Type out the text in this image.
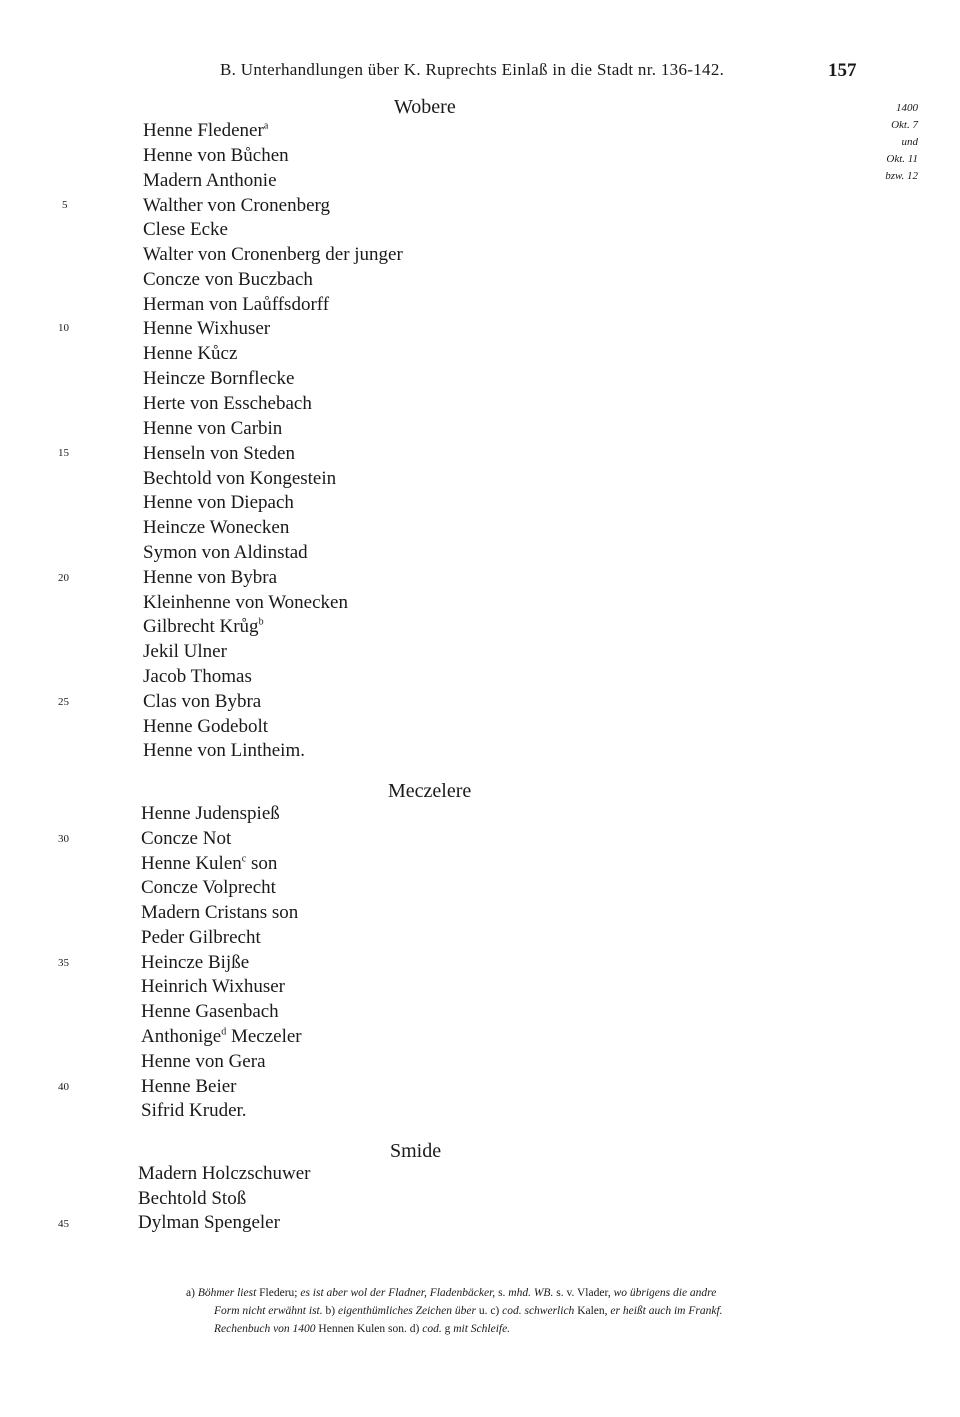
B. Unterhandlungen über K. Ruprechts Einlaß in die Stadt nr. 136-142.	157
1400
Okt. 7
und
Okt. 11
bzw. 12
Wobere
Meczelere
Smide
Henne Fledener$^a$
Henne von Bůchen
Madern Anthonie
Walther von Cronenberg
Clese Ecke
Walter von Cronenberg der junger
Concze von Buczbach
Herman von Laůffsdorff
Henne Wixhuser
Henne Kůcz
Heincze Bornflecke
Herte von Esschebach
Henne von Carbin
Henseln von Steden
Bechtold von Kongestein
Henne von Diepach
Heincze Wonecken
Symon von Aldinstad
Henne von Bybra
Kleinhenne von Wonecken
Gilbrecht Krůg$^b$
Jekil Ulner
Jacob Thomas
Clas von Bybra
Henne Godebolt
Henne von Lintheim.
Henne Judenspieß
Concze Not
Henne Kulen$^c$ son
Concze Volprecht
Madern Cristans son
Peder Gilbrecht
Heincze Bijße
Heinrich Wixhuser
Henne Gasenbach
Anthonige$^d$ Meczeler
Henne von Gera
Henne Beier
Sifrid Kruder.
Madern Holczschuwer
Bechtold Stoß
Dylman Spengeler
5
10
15
20
25
30
35
40
45
a) Böhmer liest Flederu; es ist aber wol der Fladner, Fladenbäcker, s. mhd. WB. s. v. Vlader, wo übrigens die andre
Form nicht erwähnt ist. b) eigenthümliches Zeichen über u. c) cod. schwerlich Kalen, er heißt auch im Frankf.
Rechenbuch von 1400 Hennen Kulen son. d) cod. g mit Schleife.
